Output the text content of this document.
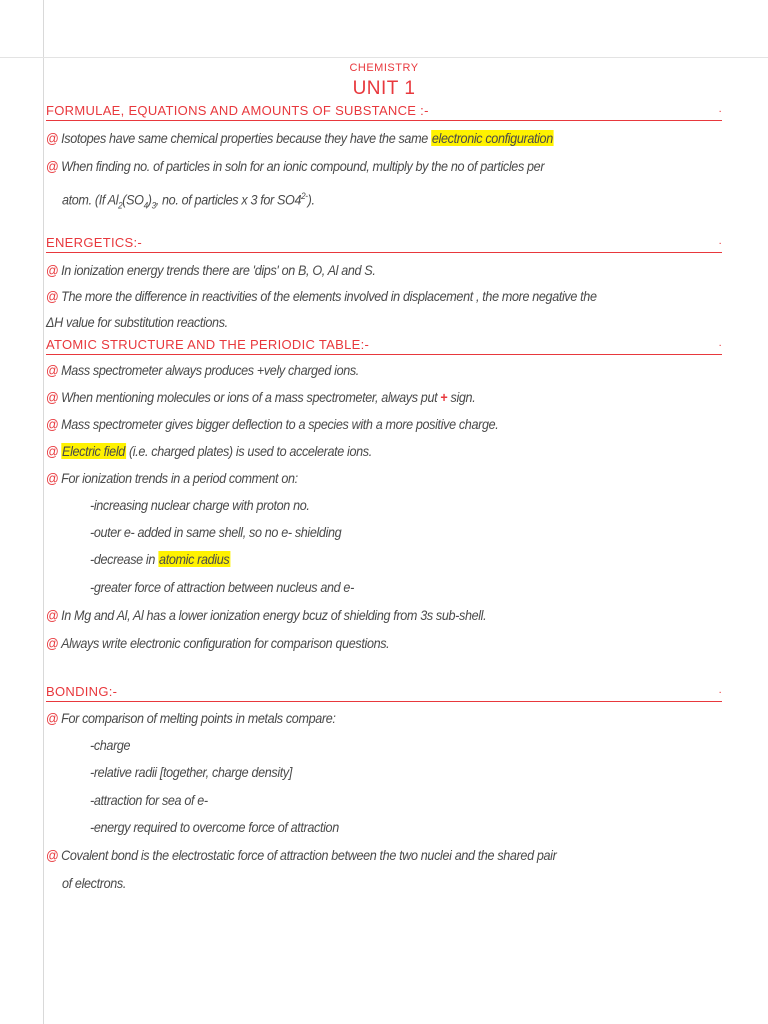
CHEMISTRY
UNIT 1
FORMULAE, EQUATIONS AND AMOUNTS OF SUBSTANCE :-	.
@ Isotopes have same chemical properties because they have the same electronic configuration
@ When finding no. of particles in soln for an ionic compound, multiply by the no of particles per
atom. (If $Al_2(SO_4)_3$, no. of particles x 3 for $SO4^{2-}$).
ENERGETICS:-	.
@ In ionization energy trends there are 'dips' on B, O, Al and S.
@ The more the difference in reactivities of the elements involved in displacement , the more negative the
ΔH value for substitution reactions.
ATOMIC STRUCTURE AND THE PERIODIC TABLE:-	.
@ Mass spectrometer always produces +vely charged ions.
@ When mentioning molecules or ions of a mass spectrometer, always put + sign.
@ Mass spectrometer gives bigger deflection to a species with a more positive charge.
@ Electric field (i.e. charged plates) is used to accelerate ions.
@ For ionization trends in a period comment on:
-increasing nuclear charge with proton no.
-outer e- added in same shell, so no e- shielding
-decrease in atomic radius
-greater force of attraction between nucleus and e-
@ In Mg and Al, Al has a lower ionization energy bcuz of shielding from 3s sub-shell.
@ Always write electronic configuration for comparison questions.
BONDING:-	.
@ For comparison of melting points in metals compare:
-charge
-relative radii [together, charge density]
-attraction for sea of e-
-energy required to overcome force of attraction
@ Covalent bond is the electrostatic force of attraction between the two nuclei and the shared pair
of electrons.
